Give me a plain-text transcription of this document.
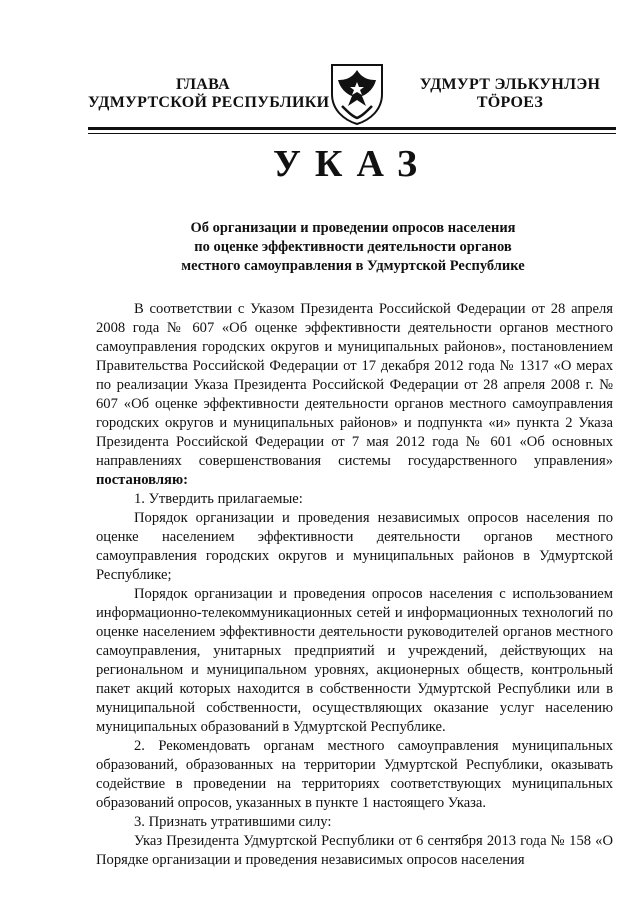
ГЛАВА
УДМУРТСКОЙ РЕСПУБЛИКИ
УДМУРТ ЭЛЬКУНЛЭН
ТӦРОЕЗ
УКАЗ
Об организации и проведении опросов населения
по оценке эффективности деятельности органов
местного самоуправления в Удмуртской Республике

В соответствии с Указом Президента Российской Федерации от 28 апреля 2008 года № 607 «Об оценке эффективности деятельности органов местного самоуправления городских округов и муниципальных районов», постановлением Правительства Российской Федерации от 17 декабря 2012 года № 1317 «О мерах по реализации Указа Президента Российской Федерации от 28 апреля 2008 г. № 607 «Об оценке эффективности деятельности органов местного самоуправления городских округов и муниципальных районов» и подпункта «и» пункта 2 Указа Президента Российской Федерации от 7 мая 2012 года № 601 «Об основных направлениях совершенствования системы государственного управления» постановляю:

1. Утвердить прилагаемые:

Порядок организации и проведения независимых опросов населения по оценке населением эффективности деятельности органов местного самоуправления городских округов и муниципальных районов в Удмуртской Республике;

Порядок организации и проведения опросов населения с использованием информационно-телекоммуникационных сетей и информационных технологий по оценке населением эффективности деятельности руководителей органов местного самоуправления, унитарных предприятий и учреждений, действующих на региональном и муниципальном уровнях, акционерных обществ, контрольный пакет акций которых находится в собственности Удмуртской Республики или в муниципальной собственности, осуществляющих оказание услуг населению муниципальных образований в Удмуртской Республике.

2. Рекомендовать органам местного самоуправления муниципальных образований, образованных на территории Удмуртской Республики, оказывать содействие в проведении на территориях соответствующих муниципальных образований опросов, указанных в пункте 1 настоящего Указа.

3. Признать утратившими силу:

Указ Президента Удмуртской Республики от 6 сентября 2013 года № 158 «О Порядке организации и проведения независимых опросов населения
